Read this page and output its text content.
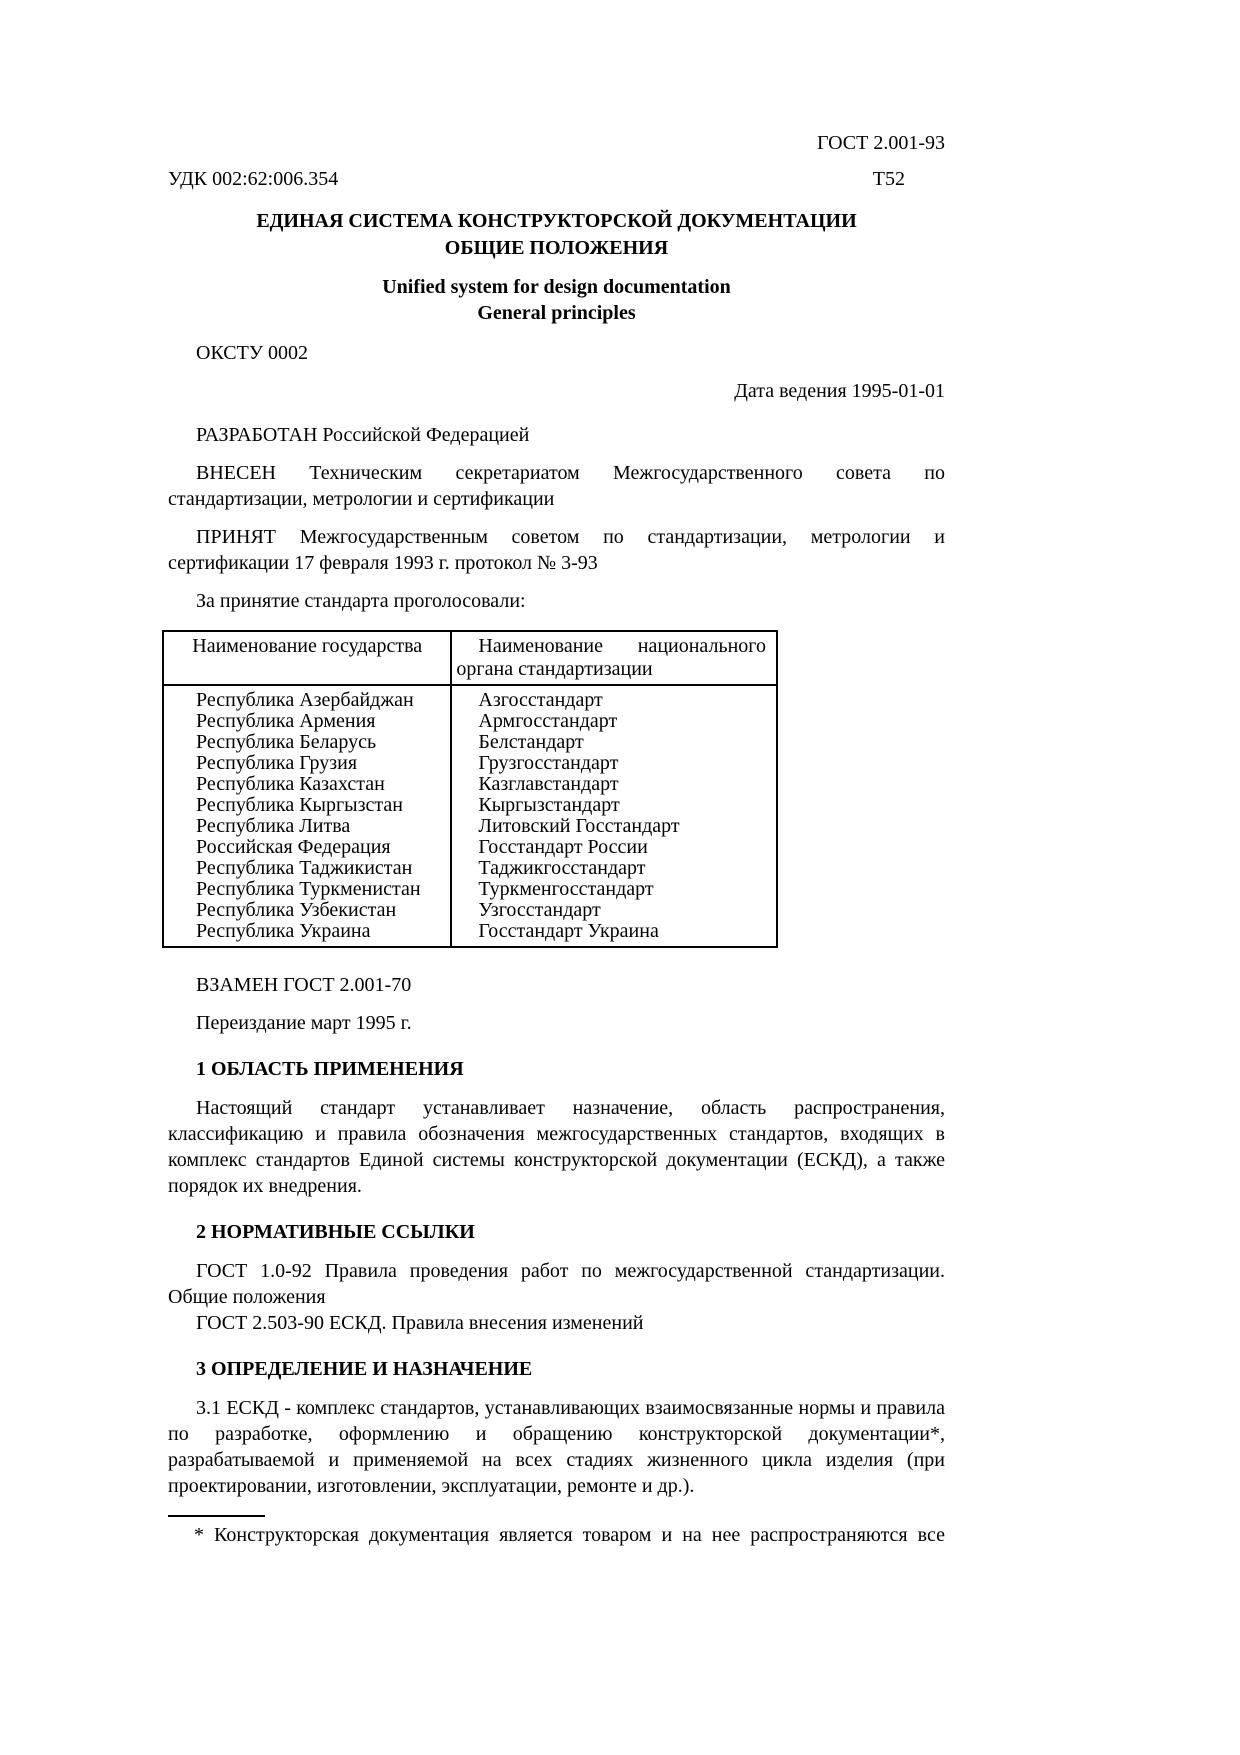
ГОСТ 2.001-93
УДК 002:62:006.354	Т52
ЕДИНАЯ СИСТЕМА КОНСТРУКТОРСКОЙ ДОКУМЕНТАЦИИ
ОБЩИЕ ПОЛОЖЕНИЯ
Unified system for design documentation
General principles
ОКСТУ 0002
Дата ведения 1995-01-01

РАЗРАБОТАН Российской Федерацией

ВНЕСЕН Техническим секретариатом Межгосударственного совета по стандартизации, метрологии и сертификации

ПРИНЯТ Межгосударственным советом по стандартизации, метрологии и сертификации 17 февраля 1993 г. протокол № 3-93

За принятие стандарта проголосовали:

Наименование государства	Наименование национального
органа стандартизации

Республика Азербайджан	Азгосстандарт
Республика Армения	Армгосстандарт
Республика Беларусь	Белстандарт
Республика Грузия	Грузгосстандарт
Республика Казахстан	Казглавстандарт
Республика Кыргызстан	Кыргызстандарт
Республика Литва	Литовский Госстандарт
Российская Федерация	Госстандарт России
Республика Таджикистан	Таджикгосстандарт
Республика Туркменистан	Туркменгосстандарт
Республика Узбекистан	Узгосстандарт
Республика Украина	Госстандарт Украина

ВЗАМЕН ГОСТ 2.001-70

Переиздание март 1995 г.

1 ОБЛАСТЬ ПРИМЕНЕНИЯ

Настоящий стандарт устанавливает назначение, область распространения, классификацию и правила обозначения межгосударственных стандартов, входящих в комплекс стандартов Единой системы конструкторской документации (ЕСКД), а также порядок их внедрения.

2 НОРМАТИВНЫЕ ССЫЛКИ

ГОСТ 1.0-92 Правила проведения работ по межгосударственной стандартизации. Общие положения

ГОСТ 2.503-90 ЕСКД. Правила внесения изменений

3 ОПРЕДЕЛЕНИЕ И НАЗНАЧЕНИЕ

3.1 ЕСКД - комплекс стандартов, устанавливающих взаимосвязанные нормы и правила по разработке, оформлению и обращению конструкторской документации*, разрабатываемой и применяемой на всех стадиях жизненного цикла изделия (при проектировании, изготовлении, эксплуатации, ремонте и др.).

* Конструкторская документация является товаром и на нее распространяются все
